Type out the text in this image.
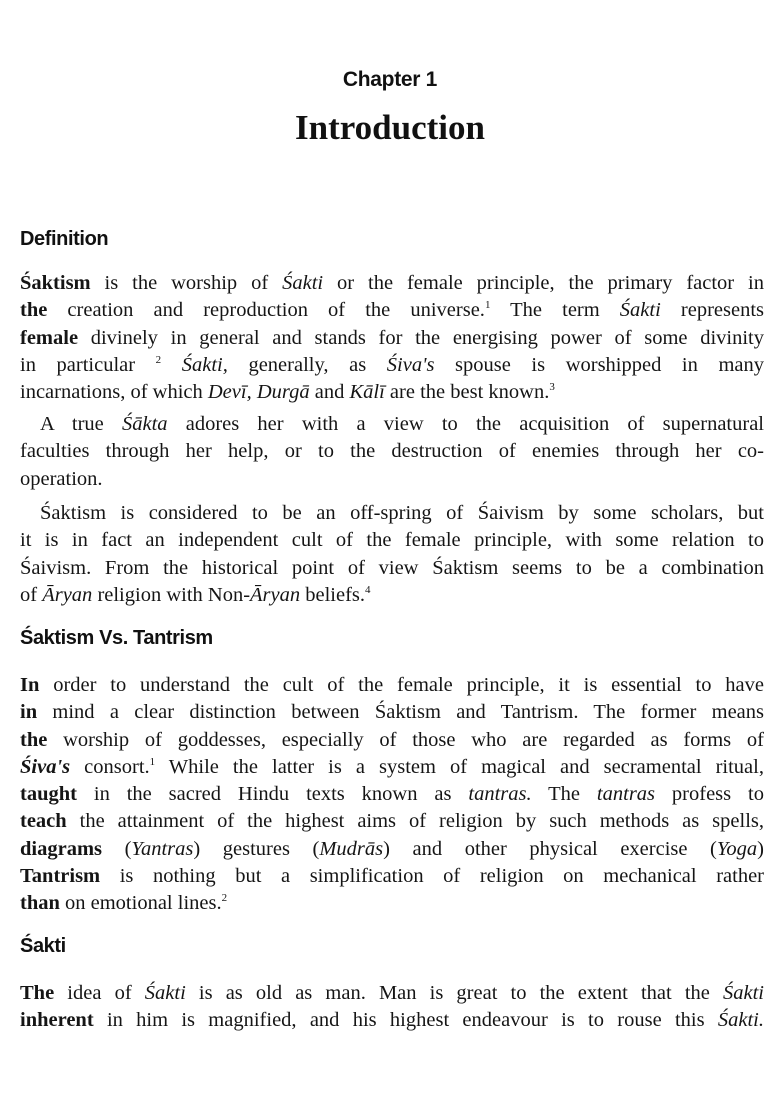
Chapter 1
Introduction
Definition

Śaktism is the worship of Śakti or the female principle, the primary factor in
the creation and reproduction of the universe.$^1$ The term Śakti represents
female divinely in general and stands for the energising power of some divinity
in particular $^2$ Śakti, generally, as Śiva's spouse is worshipped in many
incarnations, of which Devī, Durgā and Kālī are the best known.$^3$

A true Śākta adores her with a view to the acquisition of supernatural
faculties through her help, or to the destruction of enemies through her co-
operation.

Śaktism is considered to be an off-spring of Śaivism by some scholars, but
it is in fact an independent cult of the female principle, with some relation to
Śaivism. From the historical point of view Śaktism seems to be a combination
of Āryan religion with Non-Āryan beliefs.$^4$

Śaktism Vs. Tantrism

In order to understand the cult of the female principle, it is essential to have
in mind a clear distinction between Śaktism and Tantrism. The former means
the worship of goddesses, especially of those who are regarded as forms of
Śiva's consort.$^1$ While the latter is a system of magical and secramental ritual,
taught in the sacred Hindu texts known as tantras. The tantras profess to
teach the attainment of the highest aims of religion by such methods as spells,
diagrams (Yantras) gestures (Mudrās) and other physical exercise (Yoga)
Tantrism is nothing but a simplification of religion on mechanical rather
than on emotional lines.$^2$

Śakti

The idea of Śakti is as old as man. Man is great to the extent that the Śakti
inherent in him is magnified, and his highest endeavour is to rouse this Śakti.
